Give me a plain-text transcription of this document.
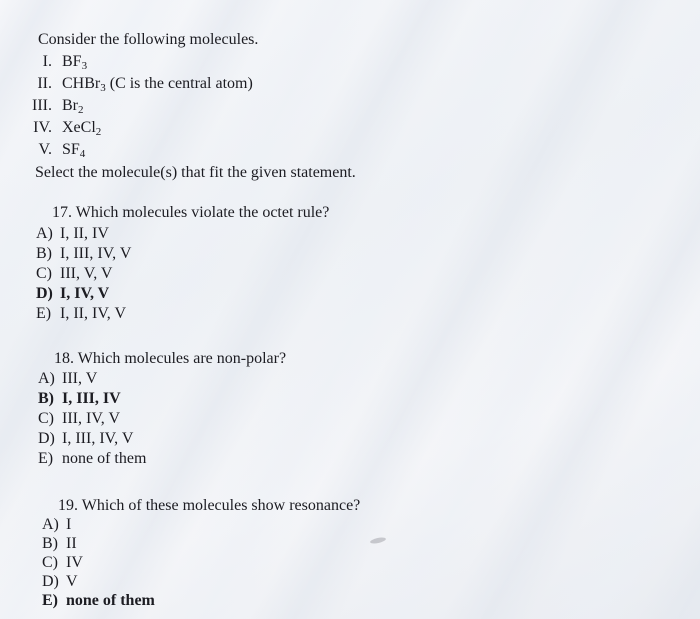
Consider the following molecules.
I. $BF_3$
II. CHBr$_3$ (C is the central atom)
III. $Br_2$
IV. XeCl$_2$
V. $SF_4$
Select the molecule(s) that fit the given statement.
17. Which molecules violate the octet rule?
A) I, II, IV
B) I, III, IV, V
C) III, V, V
D) I, IV, V
E) I, II, IV, V
18. Which molecules are non-polar?
A) III, V
B) I, III, IV
C) III, IV, V
D) I, III, IV, V
E) none of them
19. Which of these molecules show resonance?
A) I
B) II
C) IV
D) V
E) none of them
